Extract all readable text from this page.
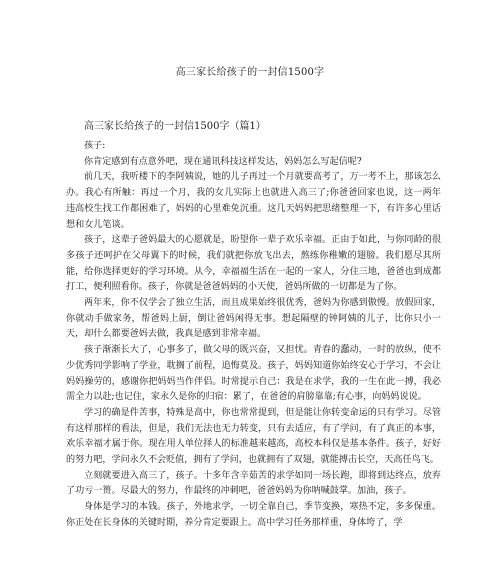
高三家长给孩子的一封信1500字
高三家长给孩子的一封信1500字（篇1）

孩子:

你肯定感到有点意外吧，现在通讯科技这样发达，妈妈怎么写起信呢?

前几天，我听楼下的李阿姨说，她的儿子再过一个月就要高考了，万一考不上，那该怎么办。我心有所触：再过一个月，我的女儿实际上也就进入高三了;你爸爸回家也说，这一两年违高校生找工作都困难了，妈妈的心里难免沉重。这几天妈妈把思绪整理一下，有许多心里话想和女儿笔谈。

孩子，这辈子爸妈最大的心愿就是，盼望你一辈子欢乐幸福。正由于如此，与你同龄的很多孩子还呵护在父母翼下的时候，我们就把你放飞出去，熬练你稚嫩的翅膀。我们愿尽其所能，给你选择更好的学习环境。从今，幸福福生活在一起的一家人，分住三地，爸爸也到成都打工，便利照看你。孩子，你就是爸爸妈妈的小天使，爸妈所做的一切都是为了你。

两年来，你不仅学会了独立生活，而且成果始终很优秀，爸妈为你感到傲慢。放假回家，你就动手做家务，帮爸妈上厨，倒让爸妈闲得无事。想起隔壁的钟阿姨的儿子，比你只小一天，却什么都要爸妈去做，我真是感到非常幸福。

孩子渐渐长大了，心事多了，做父母的既兴奋，又担忧。青春的蠢动，一时的放纵，使不少优秀同学影响了学业，耽搁了前程，追悔莫及。孩子，妈妈知道你始终安心于学习，不会让妈妈操劳的，感谢你把妈妈当作伴侣。时常提示自己：我是在求学，我的一生在此一搏，我必需全力以赴;也记住，家永久是你的归宿：累了，在爸爸的肩膀靠靠;有心事，向妈妈说说。

学习的确是件苦事，特殊是高中，你也常常提到，但是能让你转变命运的只有学习。尽管有这样那样的看法，但是，我们无法也无力转变，只有去适应，有了学问，有了真正的本事，欢乐幸福才属于你。现在用人单位择人的标准越来越高，高校本科仅是基本条件。孩子，好好的努力吧，学问永久不会贬值，拥有了学问，也就拥有了双翅，就能搏击长空，天高任鸟飞。

立刻就要进入高三了，孩子。十多年含辛茹苦的求学如同一场长跑，即将到达终点，放弃了功亏一篑。尽最大的努力，作最终的冲刺吧，爸爸妈妈为你呐喊鼓掌。加油，孩子。

身体是学习的本钱。孩子，外地求学，一切全靠自己，季节变换，寒热不定，多多保重。你正处在长身体的关键时期，养分肯定要跟上。高中学习任务那样重，身体垮了，学
